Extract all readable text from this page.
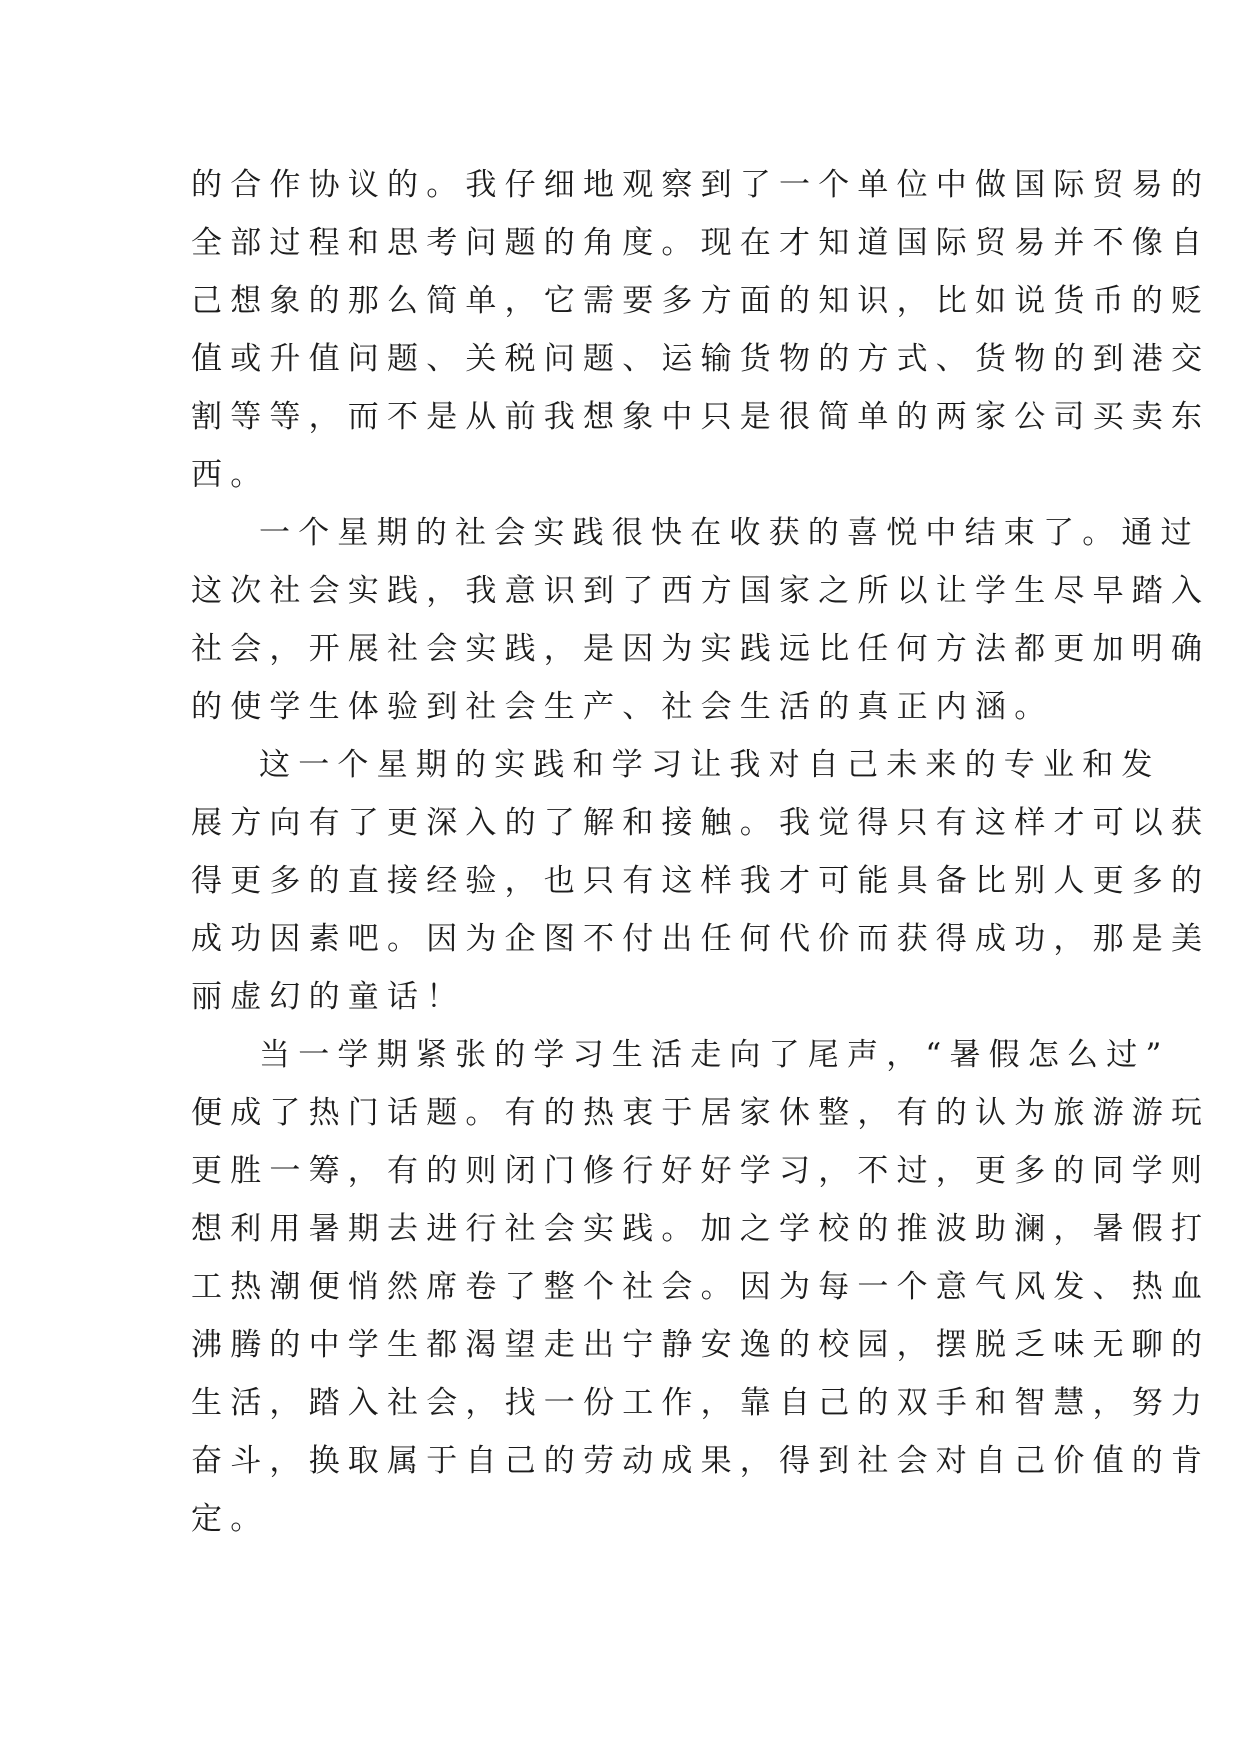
的合作协议的。我仔细地观察到了一个单位中做国际贸易的
全部过程和思考问题的角度。现在才知道国际贸易并不像自
己想象的那么简单，它需要多方面的知识，比如说货币的贬
值或升值问题、关税问题、运输货物的方式、货物的到港交
割等等，而不是从前我想象中只是很简单的两家公司买卖东
西。
一个星期的社会实践很快在收获的喜悦中结束了。通过
这次社会实践，我意识到了西方国家之所以让学生尽早踏入
社会，开展社会实践，是因为实践远比任何方法都更加明确
的使学生体验到社会生产、社会生活的真正内涵。
这一个星期的实践和学习让我对自己未来的专业和发
展方向有了更深入的了解和接触。我觉得只有这样才可以获
得更多的直接经验，也只有这样我才可能具备比别人更多的
成功因素吧。因为企图不付出任何代价而获得成功，那是美
丽虚幻的童话！
当一学期紧张的学习生活走向了尾声，“暑假怎么过”
便成了热门话题。有的热衷于居家休整，有的认为旅游游玩
更胜一筹，有的则闭门修行好好学习，不过，更多的同学则
想利用暑期去进行社会实践。加之学校的推波助澜，暑假打
工热潮便悄然席卷了整个社会。因为每一个意气风发、热血
沸腾的中学生都渴望走出宁静安逸的校园，摆脱乏味无聊的
生活，踏入社会，找一份工作，靠自己的双手和智慧，努力
奋斗，换取属于自己的劳动成果，得到社会对自己价值的肯
定。
